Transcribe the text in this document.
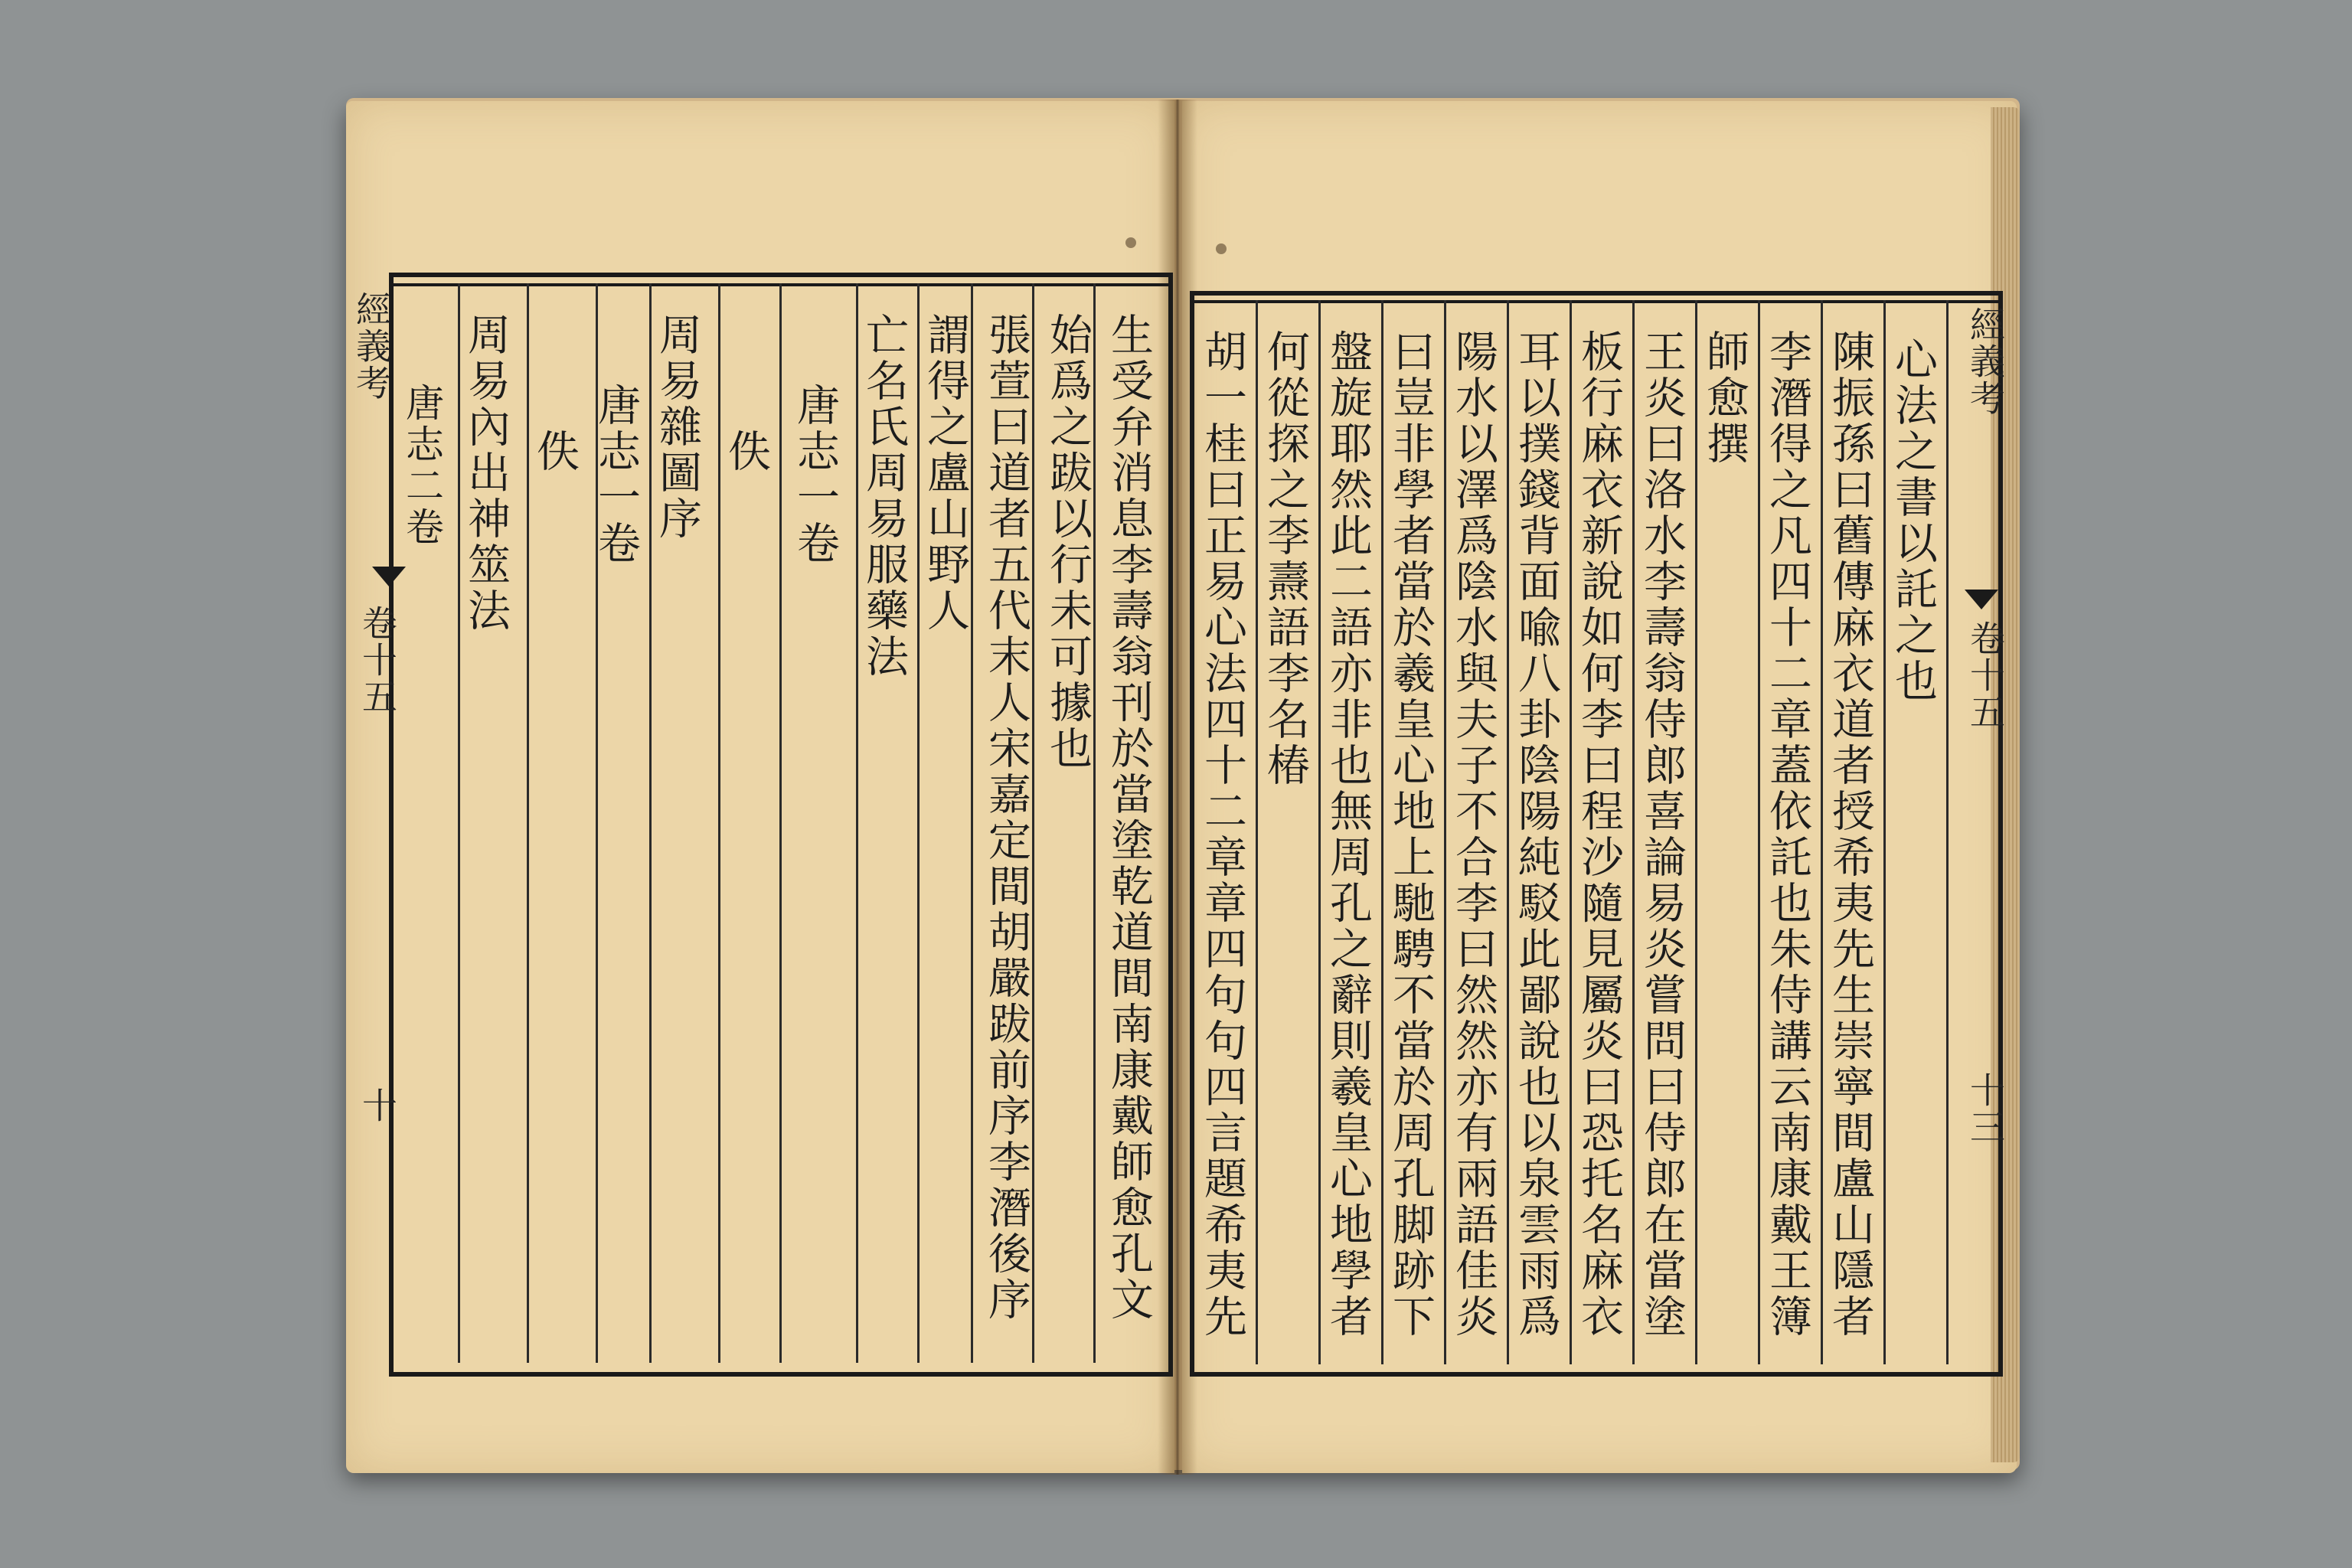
經義考
卷十五
十	生受弁消息李壽翁刊於當塗乾道間南康戴師愈孔文
始爲之跋以行未可據也
張萱曰道者五代末人宋嘉定間胡嚴跋前序李潛後序
謂得之盧山野人
亡名氏周易服藥法
唐志一卷
佚
周易雜圖序
唐志一卷
佚
周易內出神筮法
唐志二卷
經義考
卷十五
十三
心法之書以託之也
陳振孫曰舊傳麻衣道者授希夷先生崇寧間盧山隱者
李潛得之凡四十二章蓋依託也朱侍講云南康戴王簿
師愈撰
王炎曰洛水李壽翁侍郎喜論易炎嘗問曰侍郎在當塗
板行麻衣新說如何李曰程沙隨見屬炎曰恐托名麻衣
耳以撲錢背面喩八卦陰陽純駁此鄙說也以泉雲雨爲
陽水以澤爲陰水與夫子不合李曰然然亦有兩語佳炎
曰豈非學者當於羲皇心地上馳騁不當於周孔脚跡下
盤旋耶然此二語亦非也無周孔之辭則羲皇心地學者
何從探之李燾語李名椿
胡一桂曰正易心法四十二章章四句句四言題希夷先
